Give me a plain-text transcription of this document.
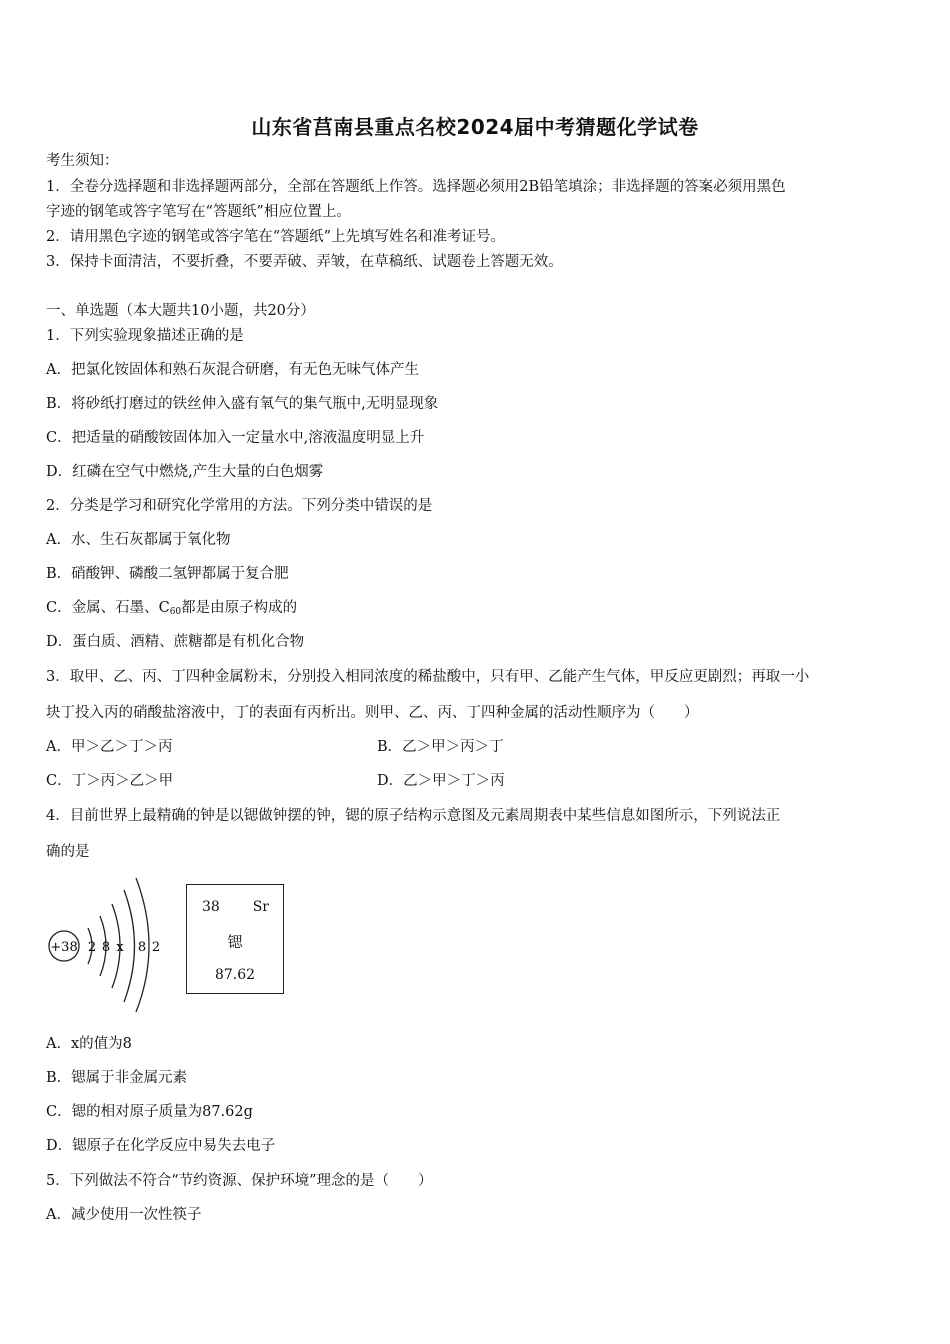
山东省莒南县重点名校2024届中考猜题化学试卷
考生须知：
1．全卷分选择题和非选择题两部分，全部在答题纸上作答。选择题必须用2B铅笔填涂；非选择题的答案必须用黑色
字迹的钢笔或答字笔写在“答题纸”相应位置上。
2．请用黑色字迹的钢笔或答字笔在“答题纸”上先填写姓名和准考证号。
3．保持卡面清洁，不要折叠，不要弄破、弄皱，在草稿纸、试题卷上答题无效。
一、单选题（本大题共10小题，共20分）
1．下列实验现象描述正确的是
A．把氯化铵固体和熟石灰混合研磨，有无色无味气体产生
B．将砂纸打磨过的铁丝伸入盛有氧气的集气瓶中,无明显现象
C．把适量的硝酸铵固体加入一定量水中,溶液温度明显上升
D．红磷在空气中燃烧,产生大量的白色烟雾
2．分类是学习和研究化学常用的方法。下列分类中错误的是
A．水、生石灰都属于氧化物
B．硝酸钾、磷酸二氢钾都属于复合肥
C．金属、石墨、$C_{60}$都是由原子构成的
D．蛋白质、酒精、蔗糖都是有机化合物
3．取甲、乙、丙、丁四种金属粉末，分别投入相同浓度的稀盐酸中，只有甲、乙能产生气体，甲反应更剧烈；再取一小
块丁投入丙的硝酸盐溶液中，丁的表面有丙析出。则甲、乙、丙、丁四种金属的活动性顺序为（　　）
A．甲＞乙＞丁＞丙	B．乙＞甲＞丙＞丁
C．丁＞丙＞乙＞甲	D．乙＞甲＞丁＞丙
4．目前世界上最精确的钟是以锶做钟摆的钟，锶的原子结构示意图及元素周期表中某些信息如图所示，下列说法正
确的是
+38 2 8 x 8 2
38 Sr
锶
87.62
A．x的值为8
B．锶属于非金属元素
C．锶的相对原子质量为87.62g
D．锶原子在化学反应中易失去电子
5．下列做法不符合“节约资源、保护环境”理念的是（　　）
A．减少使用一次性筷子
